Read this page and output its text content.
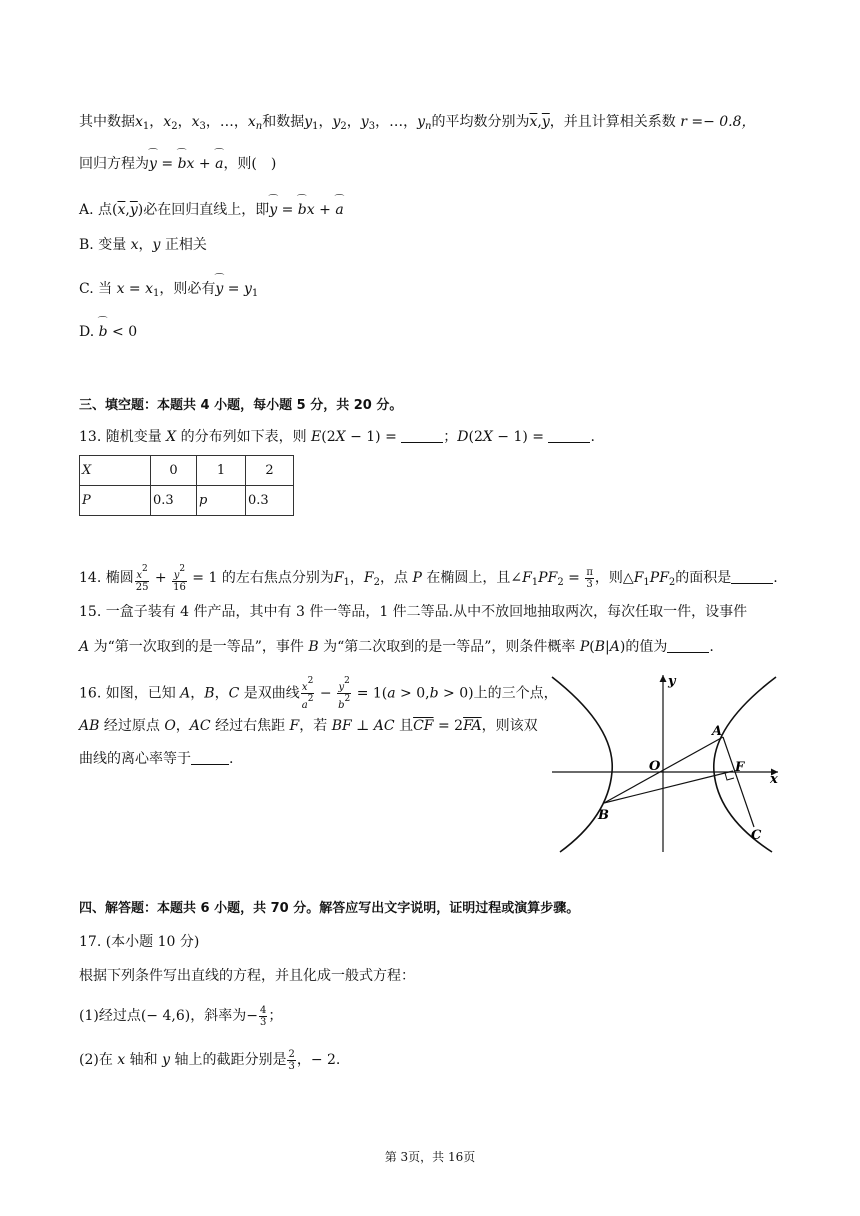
其中数据$x_1$，$x_2$，$x_3$，…，$x_n$和数据$y_1$，$y_2$，$y_3$，…，$y_n$的平均数分别为$\overline{x},\overline{y}$，并且计算相关系数 r =− 0.8，
回归方程为⌒ y = ⌒ bx + ⌒ a，则(　)
A. 点$(\overline{x},\overline{y})$必在回归直线上，即⌒ y = ⌒ bx + ⌒ a
B. 变量 x，y 正相关
C. 当 $x = x_1$，则必有⌒ $y = y_1$
D. ⌒ b < 0
三、填空题：本题共 4 小题，每小题 5 分，共 20 分。
13. 随机变量 X 的分布列如下表，则 E(2X − 1) =	；D(2X − 1) =	.
X	0	1	2
P	0.3	p	0.3
14. 椭圆 $\frac{x2}{25} + \frac{y2}{16} = 1$ 的左右焦点分别为$F_1$，$F_2$，点 P 在椭圆上，且$\angle F_1PF_2 = \frac{\pi}{3}$ ，则$\triangle F_1PF_2$的面积是	.
15. 一盒子装有 4 件产品，其中有 3 件一等品，1 件二等品.从中不放回地抽取两次，每次任取一件，设事件
A 为“第一次取到的是一等品”，事件 B 为“第二次取到的是一等品”，则条件概率 P(B|A)的值为	.
16. 如图，已知 A，B，C 是双曲线 $\frac{x2}{a2} - \frac{y2}{b2} = 1(a > 0,b > 0)$上的三个点，
AB 经过原点 O，AC 经过右焦距 F，若 BF ⊥ AC 且$\overline{CF} = 2\overline{FA}$，则该双
曲线的离心率等于	.
y
x
O
A
B
C
F
四、解答题：本题共 6 小题，共 70 分。解答应写出文字说明，证明过程或演算步骤。
17. (本小题 10 分)
根据下列条件写出直线的方程，并且化成一般式方程：
(1)经过点(− 4,6)，斜率为− $\frac{4}{3}$ ；
(2)在 x 轴和 y 轴上的截距分别是 $\frac{2}{3}$ ，− 2.
第 3页，共 16页
